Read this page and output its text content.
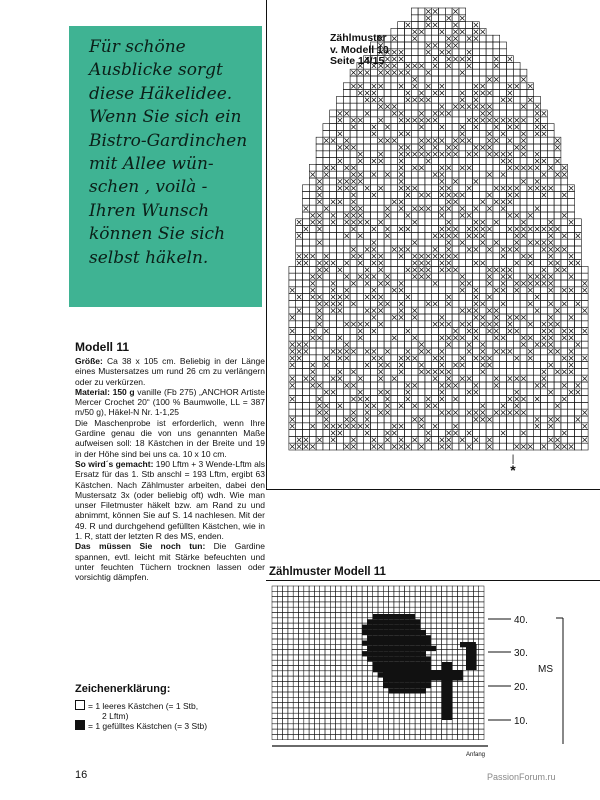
Für schöne
Ausblicke sorgt
diese Häkelidee.
Wenn Sie sich ein
Bistro-Gardinchen
mit Allee wün-
schen , voilà -
Ihren Wunsch
können Sie sich
selbst häkeln.

Zählmuster
v. Modell 10
Seite 14/15

|
*

Modell 11

Größe: Ca 38 x 105 cm. Beliebig in der Länge eines Mustersatzes um rund 26 cm zu verlängern oder zu verkürzen.

Material: 150 g vanille (Fb 275) „ANCHOR Artiste Mercer Crochet 20“ (100 % Baumwolle, LL = 387 m/50 g), Häkel-N Nr. 1-1,25

Die Maschenprobe ist erforderlich, wenn Ihre Gardine genau die von uns genannten Maße aufweisen soll: 18 Kästchen in der Breite und 19 in der Höhe sind bei uns ca. 10 x 10 cm.

So wird´s gemacht: 190 Lftm + 3 Wende-Lftm als Ersatz für das 1. Stb anschl = 193 Lftm, ergibt 63 Kästchen. Nach Zählmuster arbeiten, dabei den Mustersatz 3x (oder beliebig oft) wdh. Wie man unser Filetmuster häkelt bzw. am Rand zu und abnimmt, können Sie auf S. 14 nachlesen. Mit der 49. R und durchgehend gefüllten Kästchen, wie in 1. R, statt der letzten R des MS, enden.

Das müssen Sie noch tun: Die Gardine spannen, evtl. leicht mit Stärke befeuchten und unter feuchten Tüchern trocknen lassen oder vorsichtig dämpfen.

Zeichenerklärung:

= 1 leeres Kästchen (= 1 Stb,
2 Lftm)
= 1 gefülltes Kästchen (= 3 Stb)

Zählmuster Modell 11

40.
30.
20.
10.
MS
Anfang

16	PassionForum.ru
